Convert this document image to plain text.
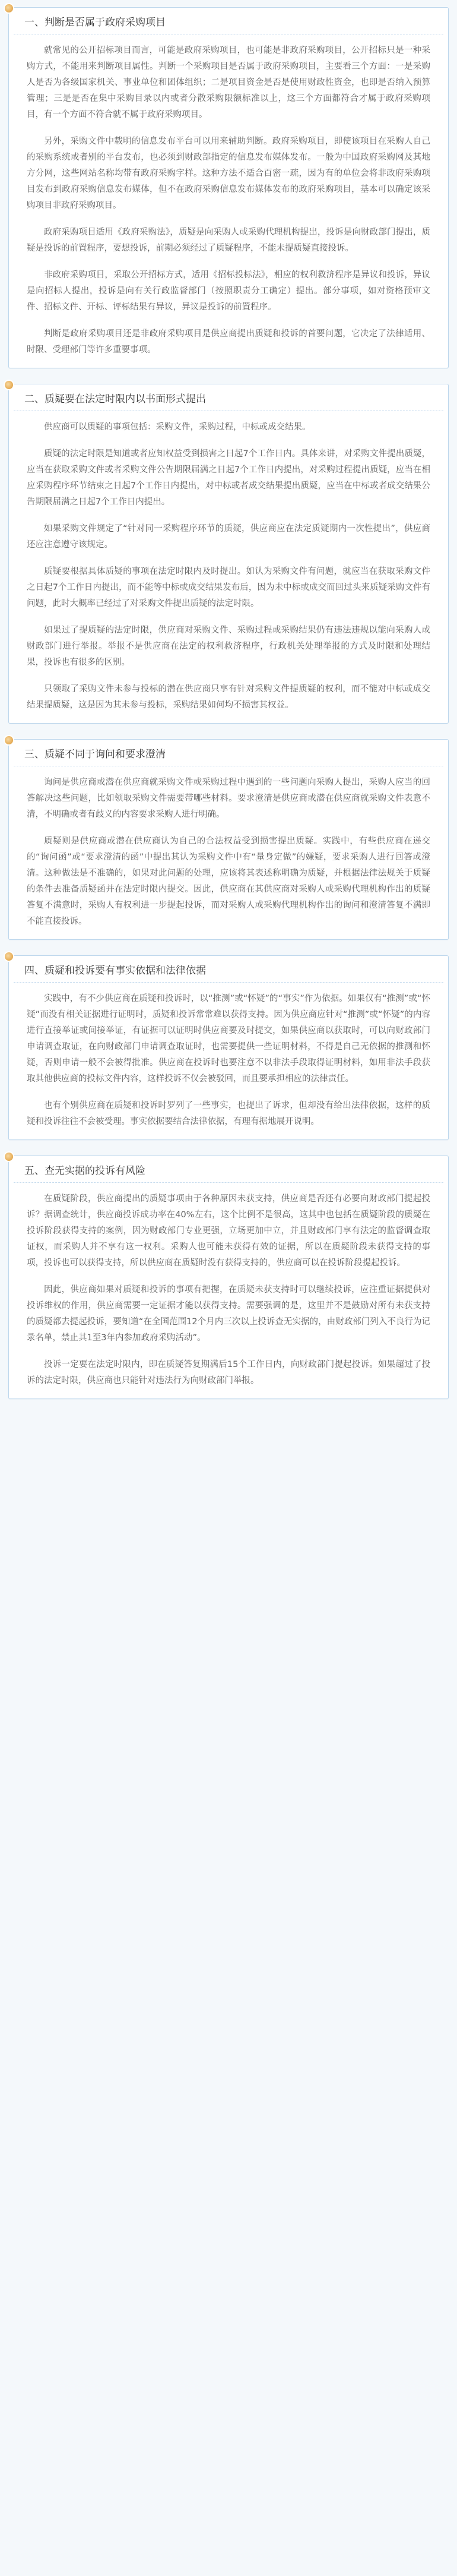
一、判断是否属于政府采购项目

就常见的公开招标项目而言，可能是政府采购项目，也可能是非政府采购项目，公开招标只是一种采购方式，不能用来判断项目属性。判断一个采购项目是否属于政府采购项目，主要看三个方面：一是采购人是否为各级国家机关、事业单位和团体组织；二是项目资金是否是使用财政性资金，也即是否纳入预算管理；三是是否在集中采购目录以内或者分散采购限额标准以上，这三个方面都符合才属于政府采购项目，有一个方面不符合就不属于政府采购项目。

另外，采购文件中载明的信息发布平台可以用来辅助判断。政府采购项目，即使该项目在采购人自己的采购系统或者别的平台发布，也必须到财政部指定的信息发布媒体发布。一般为中国政府采购网及其地方分网，这些网站名称均带有政府采购字样。这种方法不适合百密一疏，因为有的单位会将非政府采购项目发布到政府采购信息发布媒体，但不在政府采购信息发布媒体发布的政府采购项目，基本可以确定该采购项目非政府采购项目。

政府采购项目适用《政府采购法》，质疑是向采购人或采购代理机构提出，投诉是向财政部门提出，质疑是投诉的前置程序，要想投诉，前期必须经过了质疑程序，不能未提质疑直接投诉。

非政府采购项目，采取公开招标方式，适用《招标投标法》，相应的权利救济程序是异议和投诉，异议是向招标人提出，投诉是向有关行政监督部门（按照职责分工确定）提出。部分事项，如对资格预审文件、招标文件、开标、评标结果有异议，异议是投诉的前置程序。

判断是政府采购项目还是非政府采购项目是供应商提出质疑和投诉的首要问题，它决定了法律适用、时限、受理部门等许多重要事项。

二、质疑要在法定时限内以书面形式提出

供应商可以质疑的事项包括：采购文件，采购过程，中标或成交结果。

质疑的法定时限是知道或者应知权益受到损害之日起7个工作日内。具体来讲，对采购文件提出质疑，应当在获取采购文件或者采购文件公告期限届满之日起7个工作日内提出，对采购过程提出质疑，应当在相应采购程序环节结束之日起7个工作日内提出，对中标或者成交结果提出质疑，应当在中标或者成交结果公告期限届满之日起7个工作日内提出。

如果采购文件规定了“针对同一采购程序环节的质疑，供应商应在法定质疑期内一次性提出”，供应商还应注意遵守该规定。

质疑要根据具体质疑的事项在法定时限内及时提出。如认为采购文件有问题，就应当在获取采购文件之日起7个工作日内提出，而不能等中标或成交结果发布后，因为未中标或成交而回过头来质疑采购文件有问题，此时大概率已经过了对采购文件提出质疑的法定时限。

如果过了提质疑的法定时限，供应商对采购文件、采购过程或采购结果仍有违法违规以能向采购人或财政部门进行举报。举报不是供应商在法定的权利救济程序，行政机关处理举报的方式及时限和处理结果，投诉也有很多的区别。

只领取了采购文件未参与投标的潜在供应商只享有针对采购文件提质疑的权利，而不能对中标或成交结果提质疑，这是因为其未参与投标，采购结果如何均不损害其权益。

三、质疑不同于询问和要求澄清

询问是供应商或潜在供应商就采购文件或采购过程中遇到的一些问题向采购人提出，采购人应当的回答解决这些问题，比如领取采购文件需要带哪些材料。要求澄清是供应商或潜在供应商就采购文件表意不清，不明确或者有歧义的内容要求采购人进行明确。

质疑则是供应商或潜在供应商认为自己的合法权益受到损害提出质疑。实践中，有些供应商在递交的“询问函”或“要求澄清的函”中提出其认为采购文件中有“量身定做”的嫌疑，要求采购人进行回答或澄清。这种做法是不准确的，如果对此问题的处理，应该将其表述称明确为质疑，并根据法律法规关于质疑的条件去准备质疑函并在法定时限内提交。因此，供应商在其供应商对采购人或采购代理机构作出的质疑答复不满意时，采购人有权利进一步提起投诉，而对采购人或采购代理机构作出的询问和澄清答复不满即不能直接投诉。

四、质疑和投诉要有事实依据和法律依据

实践中，有不少供应商在质疑和投诉时，以“推测”或“怀疑”的“事实”作为依据。如果仅有“推测”或“怀疑”而没有相关证据进行证明时，质疑和投诉常常难以获得支持。因为供应商应针对“推测”或“怀疑”的内容进行直接举证或间接举证，有证据可以证明时供应商要及时提交，如果供应商以获取时，可以向财政部门申请调查取证，在向财政部门申请调查取证时，也需要提供一些证明材料，不得是自己无依据的推测和怀疑，否则申请一般不会被得批准。供应商在投诉时也要注意不以非法手段取得证明材料，如用非法手段获取其他供应商的投标文件内容，这样投诉不仅会被驳回，而且要承担相应的法律责任。

也有个别供应商在质疑和投诉时罗列了一些事实，也提出了诉求，但却没有给出法律依据，这样的质疑和投诉往往不会被受理。事实依据要结合法律依据，有理有据地展开说明。

五、查无实据的投诉有风险

在质疑阶段，供应商提出的质疑事项由于各种原因未获支持，供应商是否还有必要向财政部门提起投诉？据调查统计，供应商投诉成功率在40%左右，这个比例不是很高，这其中也包括在质疑阶段的质疑在投诉阶段获得支持的案例，因为财政部门专业更强，立场更加中立，并且财政部门享有法定的监督调查取证权，而采购人并不享有这一权利。采购人也可能未获得有效的证据，所以在质疑阶段未获得支持的事项，投诉也可以获得支持，所以供应商在质疑时没有获得支持的，供应商可以在投诉阶段提起投诉。

因此，供应商如果对质疑和投诉的事项有把握，在质疑未获支持时可以继续投诉，应注重证据提供对投诉维权的作用，供应商需要一定证据才能以获得支持。需要强调的是，这里并不是鼓励对所有未获支持的质疑都去提起投诉，要知道“在全国范围12个月内三次以上投诉查无实据的，由财政部门列入不良行为记录名单，禁止其1至3年内参加政府采购活动”。

投诉一定要在法定时限内，即在质疑答复期满后15个工作日内，向财政部门提起投诉。如果超过了投诉的法定时限，供应商也只能针对违法行为向财政部门举报。
